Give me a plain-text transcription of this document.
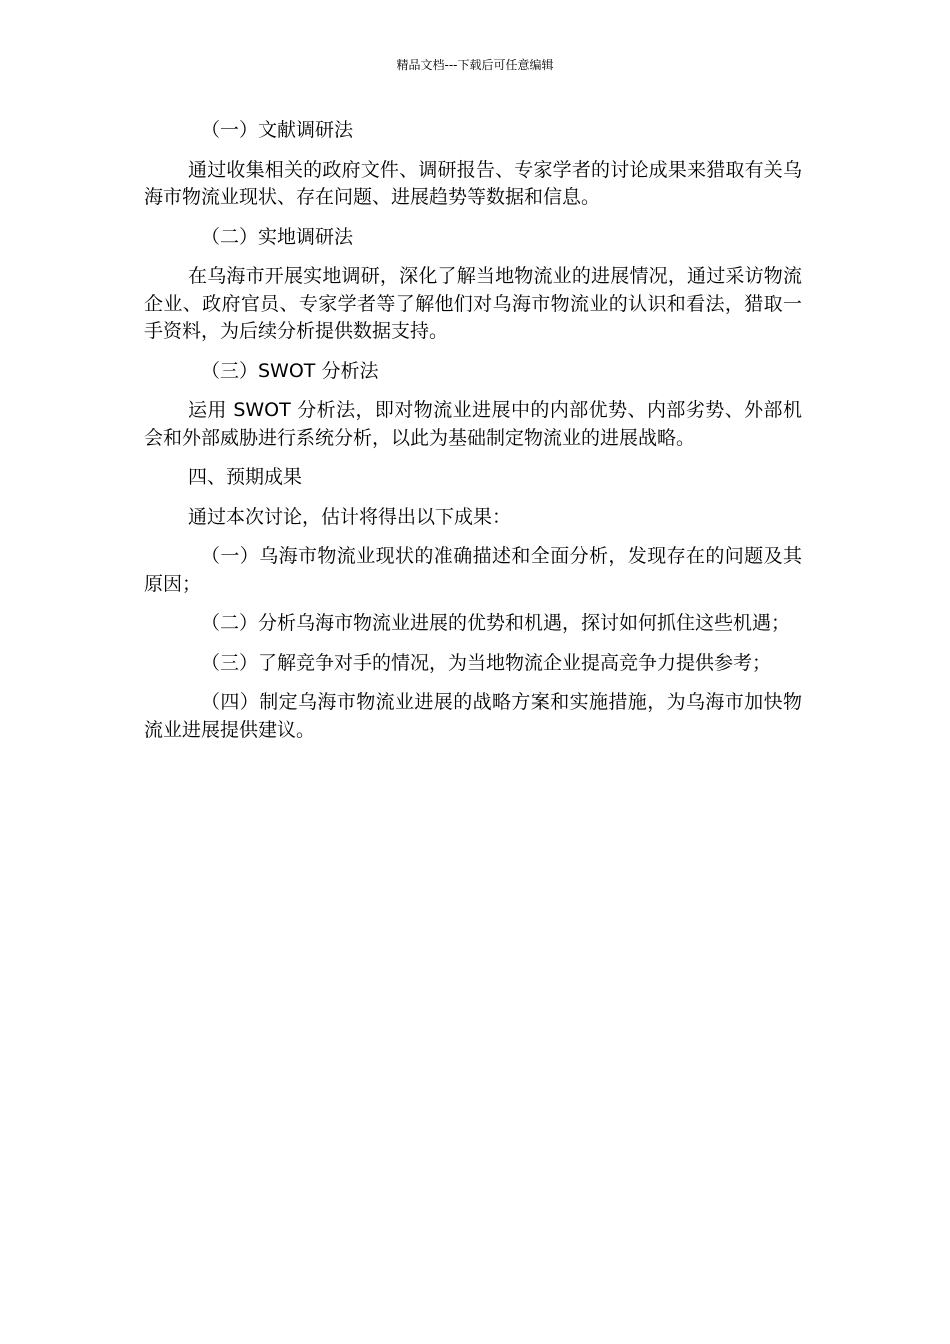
精品文档---下载后可任意编辑

（一）文献调研法

通过收集相关的政府文件、调研报告、专家学者的讨论成果来猎取有关乌海市物流业现状、存在问题、进展趋势等数据和信息。

（二）实地调研法

在乌海市开展实地调研，深化了解当地物流业的进展情况，通过采访物流企业、政府官员、专家学者等了解他们对乌海市物流业的认识和看法，猎取一手资料，为后续分析提供数据支持。

（三）SWOT 分析法

运用 SWOT 分析法，即对物流业进展中的内部优势、内部劣势、外部机会和外部威胁进行系统分析，以此为基础制定物流业的进展战略。

四、预期成果

通过本次讨论，估计将得出以下成果：

（一）乌海市物流业现状的准确描述和全面分析，发现存在的问题及其原因；

（二）分析乌海市物流业进展的优势和机遇，探讨如何抓住这些机遇；

（三）了解竞争对手的情况，为当地物流企业提高竞争力提供参考；

（四）制定乌海市物流业进展的战略方案和实施措施，为乌海市加快物流业进展提供建议。
